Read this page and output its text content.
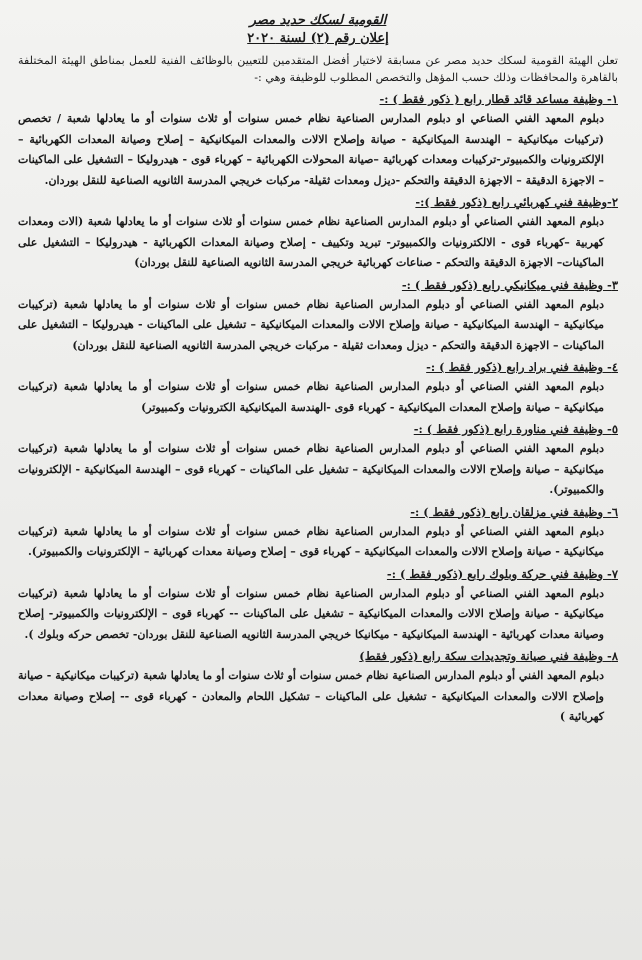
القومية لسكك حديد مصر
إعلان رقم (٢) لسنة ٢٠٢٠

تعلن الهيئة القومية لسكك حديد مصر عن مسابقة لاختيار أفضل المتقدمين للتعيين بالوظائف الفنية للعمل بمناطق الهيئة المختلفة بالقاهرة والمحافظات وذلك حسب المؤهل والتخصص المطلوب للوظيفة وهي :-

١- وظيفة مساعد قائد قطار رابع ( ذكور فقط ) :-
دبلوم المعهد الفني الصناعي او دبلوم المدارس الصناعية نظام خمس سنوات أو ثلاث سنوات أو ما يعادلها شعبة / تخصص (تركيبات ميكانيكية – الهندسة الميكانيكية - صيانة وإصلاح الالات والمعدات الميكانيكية – إصلاح وصيانة المعدات الكهربائية – الإلكترونيات والكمبيوتر-تركيبات ومعدات كهربائية –صيانة المحولات الكهربائية – كهرباء قوى - هيدروليكا – التشغيل على الماكينات – الاجهزة الدقيقة – الاجهزة الدقيقة والتحكم -ديزل ومعدات ثقيلة- مركبات خريجي المدرسة الثانويه الصناعية للنقل بوردان.
٢-وظيفة فني كهربائي رابع (ذكور فقط ):-
دبلوم المعهد الفني الصناعي أو دبلوم المدارس الصناعية نظام خمس سنوات أو ثلاث سنوات أو ما يعادلها شعبة (الات ومعدات كهربية –كهرباء قوى - الالكترونيات والكمبيوتر- تبريد وتكييف - إصلاح وصيانة المعدات الكهربائية - هيدروليكا – التشغيل على الماكينات– الاجهزة الدقيقة والتحكم - صناعات كهربائية خريجي المدرسة الثانويه الصناعية للنقل بوردان)
٣- وظيفة فني ميكانيكي رابع (ذكور فقط ) :-
دبلوم المعهد الفني الصناعي أو دبلوم المدارس الصناعية نظام خمس سنوات أو ثلاث سنوات أو ما يعادلها شعبة (تركيبات ميكانيكية – الهندسة الميكانيكية - صيانة وإصلاح الالات والمعدات الميكانيكية – تشغيل على الماكينات - هيدروليكا – التشغيل على الماكينات – الاجهزة الدقيقة والتحكم - ديزل ومعدات ثقيلة - مركبات خريجي المدرسة الثانويه الصناعية للنقل بوردان)
٤- وظيفة فني براد رابع (ذكور فقط ) :-
دبلوم المعهد الفني الصناعي أو دبلوم المدارس الصناعية نظام خمس سنوات أو ثلاث سنوات أو ما يعادلها شعبة (تركيبات ميكانيكية – صيانة وإصلاح المعدات الميكانيكية - كهرباء قوى -الهندسة الميكانيكية الكترونيات وكمبيوتر)
٥- وظيفة فني مناورة رابع (ذكور فقط ) :-
دبلوم المعهد الفني الصناعي أو دبلوم المدارس الصناعية نظام خمس سنوات أو ثلاث سنوات أو ما يعادلها شعبة (تركيبات ميكانيكية – صيانة وإصلاح الالات والمعدات الميكانيكية – تشغيل على الماكينات – كهرباء قوى – الهندسة الميكانيكية - الإلكترونيات والكمبيوتر).
٦- وظيفة فني مزلقان رابع (ذكور فقط ) :-
دبلوم المعهد الفني الصناعي أو دبلوم المدارس الصناعية نظام خمس سنوات أو ثلاث سنوات أو ما يعادلها شعبة (تركيبات ميكانيكية - صيانة وإصلاح الالات والمعدات الميكانيكية – كهرباء قوى – إصلاح وصيانة معدات كهربائية – الإلكترونيات والكمبيوتر).
٧- وظيفة فني حركة وبلوك رابع (ذكور فقط ) :-
دبلوم المعهد الفني الصناعي أو دبلوم المدارس الصناعية نظام خمس سنوات أو ثلاث سنوات أو ما يعادلها شعبة (تركيبات ميكانيكية - صيانة وإصلاح الالات والمعدات الميكانيكية – تشغيل على الماكينات -- كهرباء قوى – الإلكترونيات والكمبيوتر- إصلاح وصيانة معدات كهربائية - الهندسة الميكانيكية - ميكانيكا خريجي المدرسة الثانويه الصناعية للنقل بوردان- تخصص حركه وبلوك ).
٨- وظيفة فني صيانة وتجديدات سكة رابع (ذكور فقط)
دبلوم المعهد الفني أو دبلوم المدارس الصناعية نظام خمس سنوات أو ثلاث سنوات أو ما يعادلها شعبة (تركيبات ميكانيكية - صيانة وإصلاح الالات والمعدات الميكانيكية - تشغيل على الماكينات – تشكيل اللحام والمعادن - كهرباء قوى -- إصلاح وصيانة معدات كهربائية )
